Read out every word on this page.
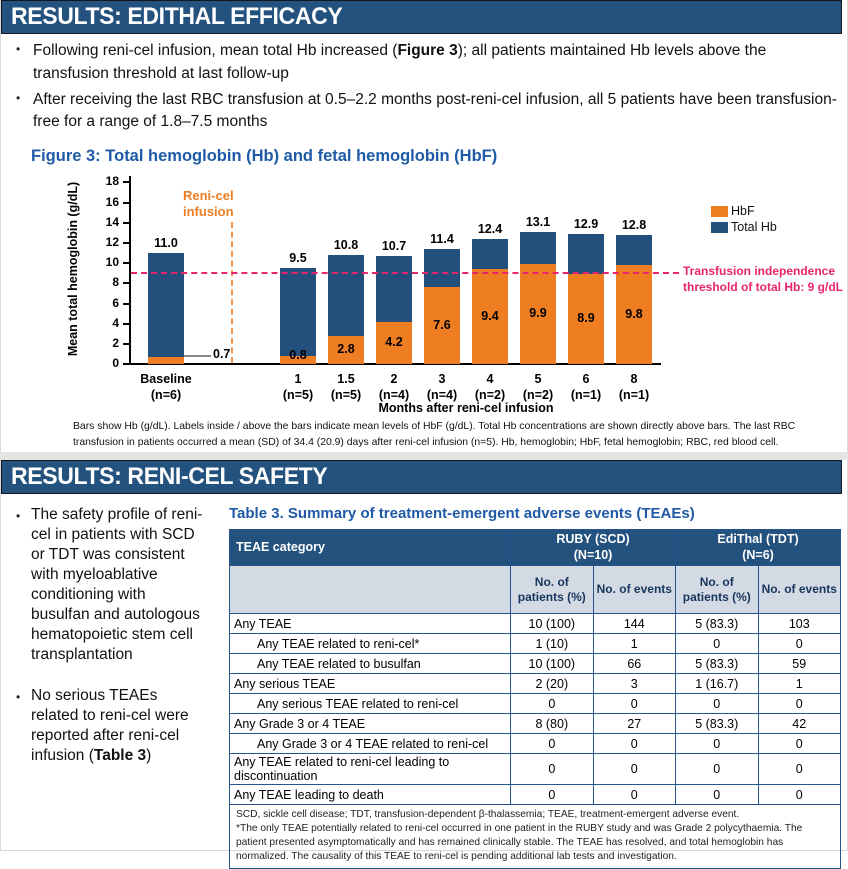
RESULTS: EDITHAL EFFICACY
• Following reni-cel infusion, mean total Hb increased (Figure 3); all patients maintained Hb levels above the transfusion threshold at last follow-up
• After receiving the last RBC transfusion at 0.5–2.2 months post-reni-cel infusion, all 5 patients have been transfusion-free for a range of 1.8–7.5 months
Figure 3: Total hemoglobin (Hb) and fetal hemoglobin (HbF)
0
2
4
6
8
10
12
14
16
18
Mean total hemoglobin (g/dL)	Reni-cel infusion
11.0
0.7
Baseline
(n=6)
9.5
0.8
1
(n=5)
10.8
2.8
1.5
(n=5)
10.7
4.2
2
(n=4)
11.4
7.6
3
(n=4)
12.4
9.4
4
(n=2)
13.1
9.9
5
(n=2)
12.9
8.9
6
(n=1)
12.8
9.8
8
(n=1)
Transfusion independence threshold of total Hb: 9 g/dL
HbF
Total Hb
Months after reni-cel infusion
Bars show Hb (g/dL). Labels inside / above the bars indicate mean levels of HbF (g/dL). Total Hb concentrations are shown directly above bars. The last RBC transfusion in patients occurred a mean (SD) of 34.4 (20.9) days after reni-cel infusion (n=5). Hb, hemoglobin; HbF, fetal hemoglobin; RBC, red blood cell.
RESULTS: RENI-CEL SAFETY
• The safety profile of reni-cel in patients with SCD or TDT was consistent with myeloablative conditioning with busulfan and autologous hematopoietic stem cell transplantation
• No serious TEAEs related to reni-cel were reported after reni-cel infusion (Table 3)
Table 3. Summary of treatment-emergent adverse events (TEAEs)
TEAE category	
RUBY (SCD)
(N=10)

EdiThal (TDT)
(N=6)

	No. of patients (%)	No. of events	No. of patients (%)	No. of events
Any TEAE	10 (100)	144	5 (83.3)	103
Any TEAE related to reni-cel*	1 (10)	1	0	0
Any TEAE related to busulfan	10 (100)	66	5 (83.3)	59
Any serious TEAE	2 (20)	3	1 (16.7)	1
Any serious TEAE related to reni-cel	0	0	0	0
Any Grade 3 or 4 TEAE	8 (80)	27	5 (83.3)	42
Any Grade 3 or 4 TEAE related to reni-cel	0	0	0	0
Any TEAE related to reni-cel leading to discontinuation	0	0	0	0
Any TEAE leading to death	0	0	0	0

SCD, sickle cell disease; TDT, transfusion-dependent β-thalassemia; TEAE, treatment-emergent adverse event.
*The only TEAE potentially related to reni-cel occurred in one patient in the RUBY study and was Grade 2 polycythaemia. The patient presented asymptomatically and has remained clinically stable. The TEAE has resolved, and total hemoglobin has normalized. The causality of this TEAE to reni-cel is pending additional lab tests and investigation.				
